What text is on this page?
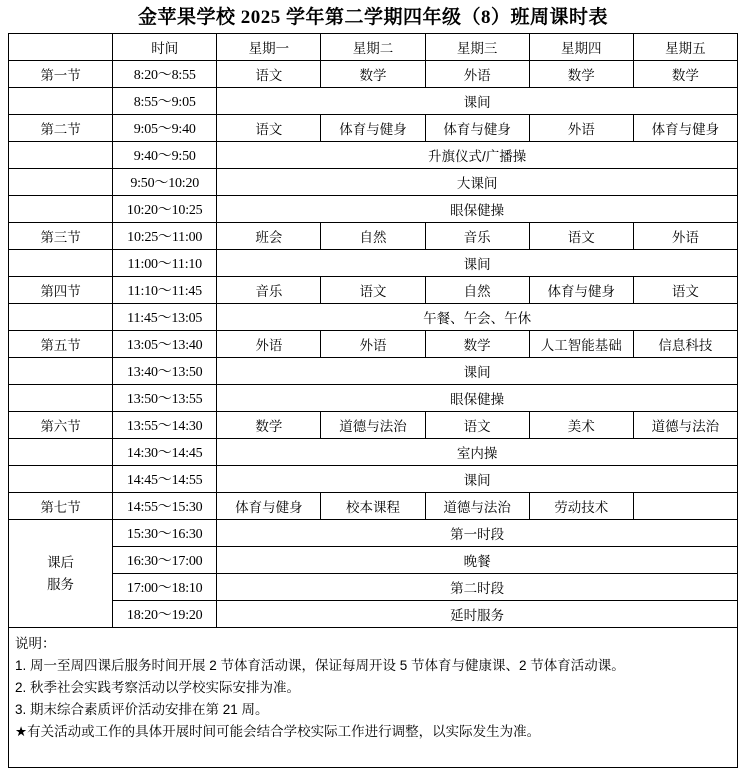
金苹果学校 2025 学年第二学期四年级（8）班周课时表
	时间	星期一	星期二	星期三	星期四	星期五
第一节	8:20～8:55	语文	数学	外语	数学	数学
	8:55～9:05	课间				
第二节	9:05～9:40	语文	体育与健身	体育与健身	外语	体育与健身
	9:40～9:50	升旗仪式/广播操				
	9:50～10:20	大课间				
	10:20～10:25	眼保健操				
第三节	10:25～11:00	班会	自然	音乐	语文	外语
	11:00～11:10	课间				
第四节	11:10～11:45	音乐	语文	自然	体育与健身	语文
	11:45～13:05	午餐、午会、午休				
第五节	13:05～13:40	外语	外语	数学	人工智能基础	信息科技
	13:40～13:50	课间				
	13:50～13:55	眼保健操				
第六节	13:55～14:30	数学	道德与法治	语文	美术	道德与法治
	14:30～14:45	室内操				
	14:45～14:55	课间				
第七节	14:55～15:30	体育与健身	校本课程	道德与法治	劳动技术	

课后
服务	15:30～16:30	第一时段				
	16:30～17:00	晚餐				
	17:00～18:10	第二时段				
	18:20～19:20	延时服务				
说明：
1. 周一至周四课后服务时间开展 2 节体育活动课，保证每周开设 5 节体育与健康课、2 节体育活动课。
2. 秋季社会实践考察活动以学校实际安排为准。
3. 期末综合素质评价活动安排在第 21 周。
★有关活动或工作的具体开展时间可能会结合学校实际工作进行调整，以实际发生为准。
